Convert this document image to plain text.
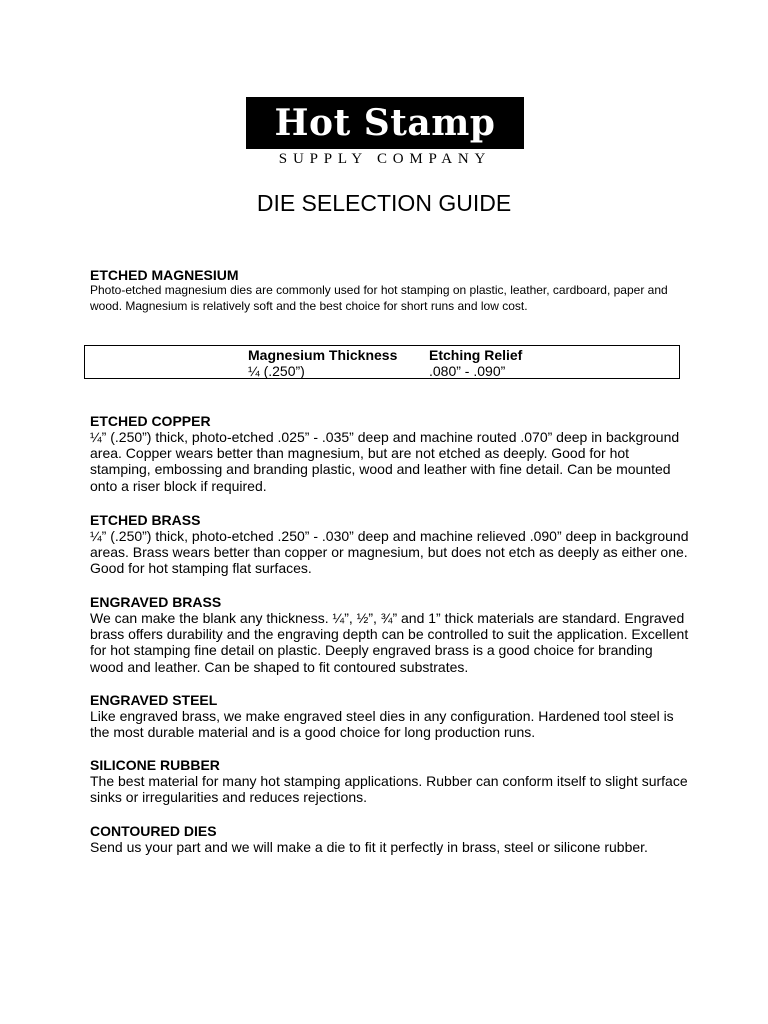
Hot Stamp
SUPPLY COMPANY
DIE SELECTION GUIDE
ETCHED MAGNESIUM
Photo-etched magnesium dies are commonly used for hot stamping on plastic, leather, cardboard, paper and wood. Magnesium is relatively soft and the best choice for short runs and low cost.
Magnesium Thickness
¼ (.250”)
Etching Relief
.080” - .090”
ETCHED COPPER
¼” (.250”) thick, photo-etched .025” - .035” deep and machine routed .070” deep in background area. Copper wears better than magnesium, but are not etched as deeply. Good for hot stamping, embossing and branding plastic, wood and leather with fine detail. Can be mounted onto a riser block if required.
ETCHED BRASS
¼” (.250”) thick, photo-etched .250” - .030” deep and machine relieved .090” deep in background areas. Brass wears better than copper or magnesium, but does not etch as deeply as either one. Good for hot stamping flat surfaces.
ENGRAVED BRASS
We can make the blank any thickness. ¼”, ½”, ¾” and 1” thick materials are standard. Engraved brass offers durability and the engraving depth can be controlled to suit the application. Excellent for hot stamping fine detail on plastic. Deeply engraved brass is a good choice for branding wood and leather. Can be shaped to fit contoured substrates.
ENGRAVED STEEL
Like engraved brass, we make engraved steel dies in any configuration. Hardened tool steel is the most durable material and is a good choice for long production runs.
SILICONE RUBBER
The best material for many hot stamping applications. Rubber can conform itself to slight surface sinks or irregularities and reduces rejections.
CONTOURED DIES
Send us your part and we will make a die to fit it perfectly in brass, steel or silicone rubber.
